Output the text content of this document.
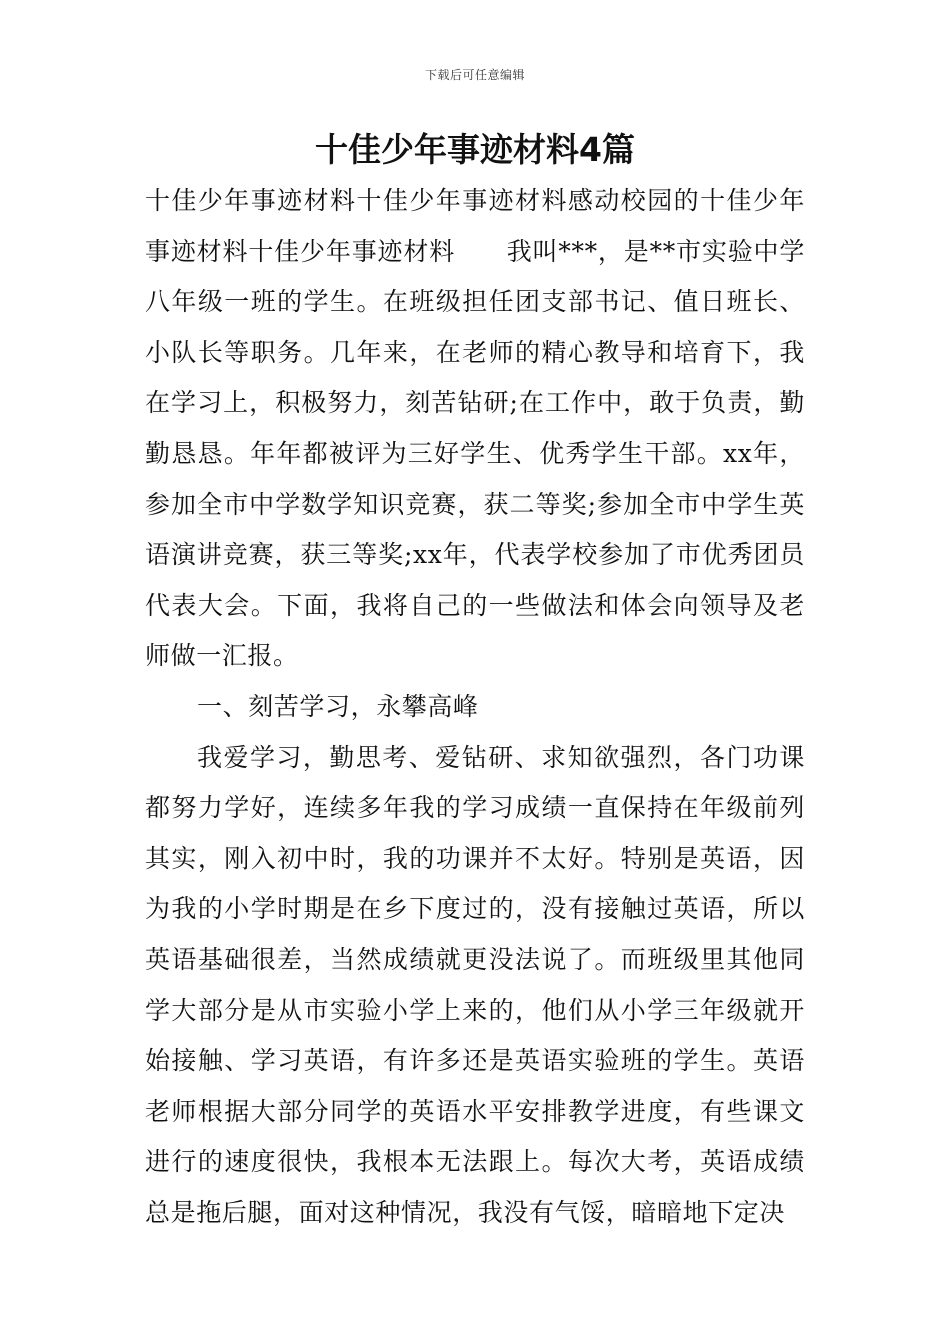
下载后可任意编辑
十佳少年事迹材料4篇

十佳少年事迹材料十佳少年事迹材料感动校园的十佳少年事迹材料十佳少年事迹材料　　我叫***，是**市实验中学八年级一班的学生。在班级担任团支部书记、值日班长、小队长等职务。几年来，在老师的精心教导和培育下，我在学习上，积极努力，刻苦钻研;在工作中，敢于负责，勤勤恳恳。年年都被评为三好学生、优秀学生干部。xx年，参加全市中学数学知识竞赛，获二等奖;参加全市中学生英语演讲竞赛，获三等奖;xx年，代表学校参加了市优秀团员代表大会。下面，我将自己的一些做法和体会向领导及老师做一汇报。

一、刻苦学习，永攀高峰

我爱学习，勤思考、爱钻研、求知欲强烈，各门功课都努力学好，连续多年我的学习成绩一直保持在年级前列其实，刚入初中时，我的功课并不太好。特别是英语，因为我的小学时期是在乡下度过的，没有接触过英语，所以英语基础很差，当然成绩就更没法说了。而班级里其他同学大部分是从市实验小学上来的，他们从小学三年级就开始接触、学习英语，有许多还是英语实验班的学生。英语老师根据大部分同学的英语水平安排教学进度，有些课文进行的速度很快，我根本无法跟上。每次大考，英语成绩总是拖后腿，面对这种情况，我没有气馁，暗暗地下定决
